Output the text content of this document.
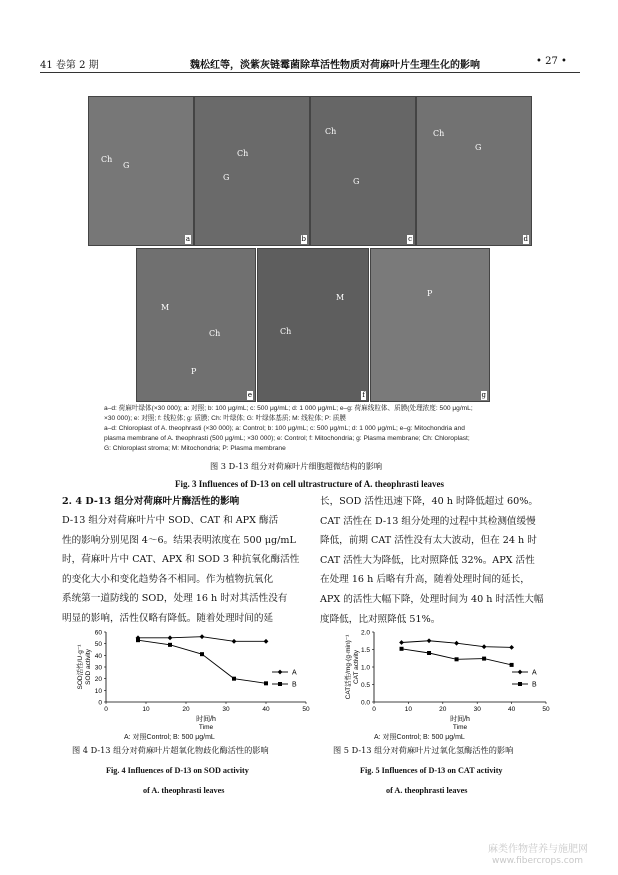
41 卷第 2 期	魏松红等，淡紫灰链霉菌除草活性物质对荷麻叶片生理生化的影响	• 27 •
Ch
G
a
Ch
G
b
Ch
G
c
Ch
G
d
M
Ch
P
e
M
Ch
f
P
g
a–d: 荷麻叶绿体(×30 000); a: 对照; b: 100 μg/mL; c: 500 μg/mL; d: 1 000 μg/mL; e–g: 荷麻线粒体、质膜(处理浓度: 500 μg/mL;
×30 000); e: 对照; f: 线粒体; g: 质膜; Ch: 叶绿体; G: 叶绿体基质; M: 线粒体; P: 质膜
a–d: Chloroplast of A. theophrasti (×30 000); a: Control; b: 100 μg/mL; c: 500 μg/mL; d: 1 000 μg/mL; e–g: Mitochondria and
plasma membrane of A. theophrasti (500 μg/mL; ×30 000); e: Control; f: Mitochondria; g: Plasma membrane; Ch: Chloroplast;
G: Chloroplast stroma; M: Mitochondria; P: Plasma membrane
图 3 D-13 组分对荷麻叶片细胞超微结构的影响
Fig. 3 Influences of D-13 on cell ultrastructure of A. theophrasti leaves
2. 4 D-13 组分对荷麻叶片酶活性的影响
D-13 组分对荷麻叶片中 SOD、CAT 和 APX 酶活
性的影响分别见图 4～6。结果表明浓度在 500 μg/mL
时，荷麻叶片中 CAT、APX 和 SOD 3 种抗氧化酶活性
的变化大小和变化趋势各不相同。作为植物抗氧化
系统第一道防线的 SOD，处理 16 h 时对其活性没有
明显的影响，活性仅略有降低。随着处理时间的延
长，SOD 活性迅速下降，40 h 时降低超过 60%。
CAT 活性在 D-13 组分处理的过程中其检测值缓慢
降低，前期 CAT 活性没有太大波动，但在 24 h 时
CAT 活性大为降低，比对照降低 32%。APX 活性
在处理 16 h 后略有升高，随着处理时间的延长，
APX 的活性大幅下降，处理时间为 40 h 时活性大幅
度降低，比对照降低 51%。
0
10
20
30
40
50
60
0	10	20	30	40	50
时间/h
Time
SOD活性/U·g⁻¹ SOD activity	A
B
0.0
0.5
1.0
1.5
2.0
0	10	20	30	40	50
时间/h
Time
CAT活性/mg·(g·min)⁻¹ CAT activity	A
B
A: 对照Control; B: 500 μg/mL	A: 对照Control; B: 500 μg/mL
图 4 D-13 组分对荷麻叶片超氧化物歧化酶活性的影响
Fig. 4 Influences of D-13 on SOD activity
of A. theophrasti leaves
图 5 D-13 组分对荷麻叶片过氧化氢酶活性的影响
Fig. 5 Influences of D-13 on CAT activity
of A. theophrasti leaves
麻类作物营养与施肥网
www.fibercrops.com
